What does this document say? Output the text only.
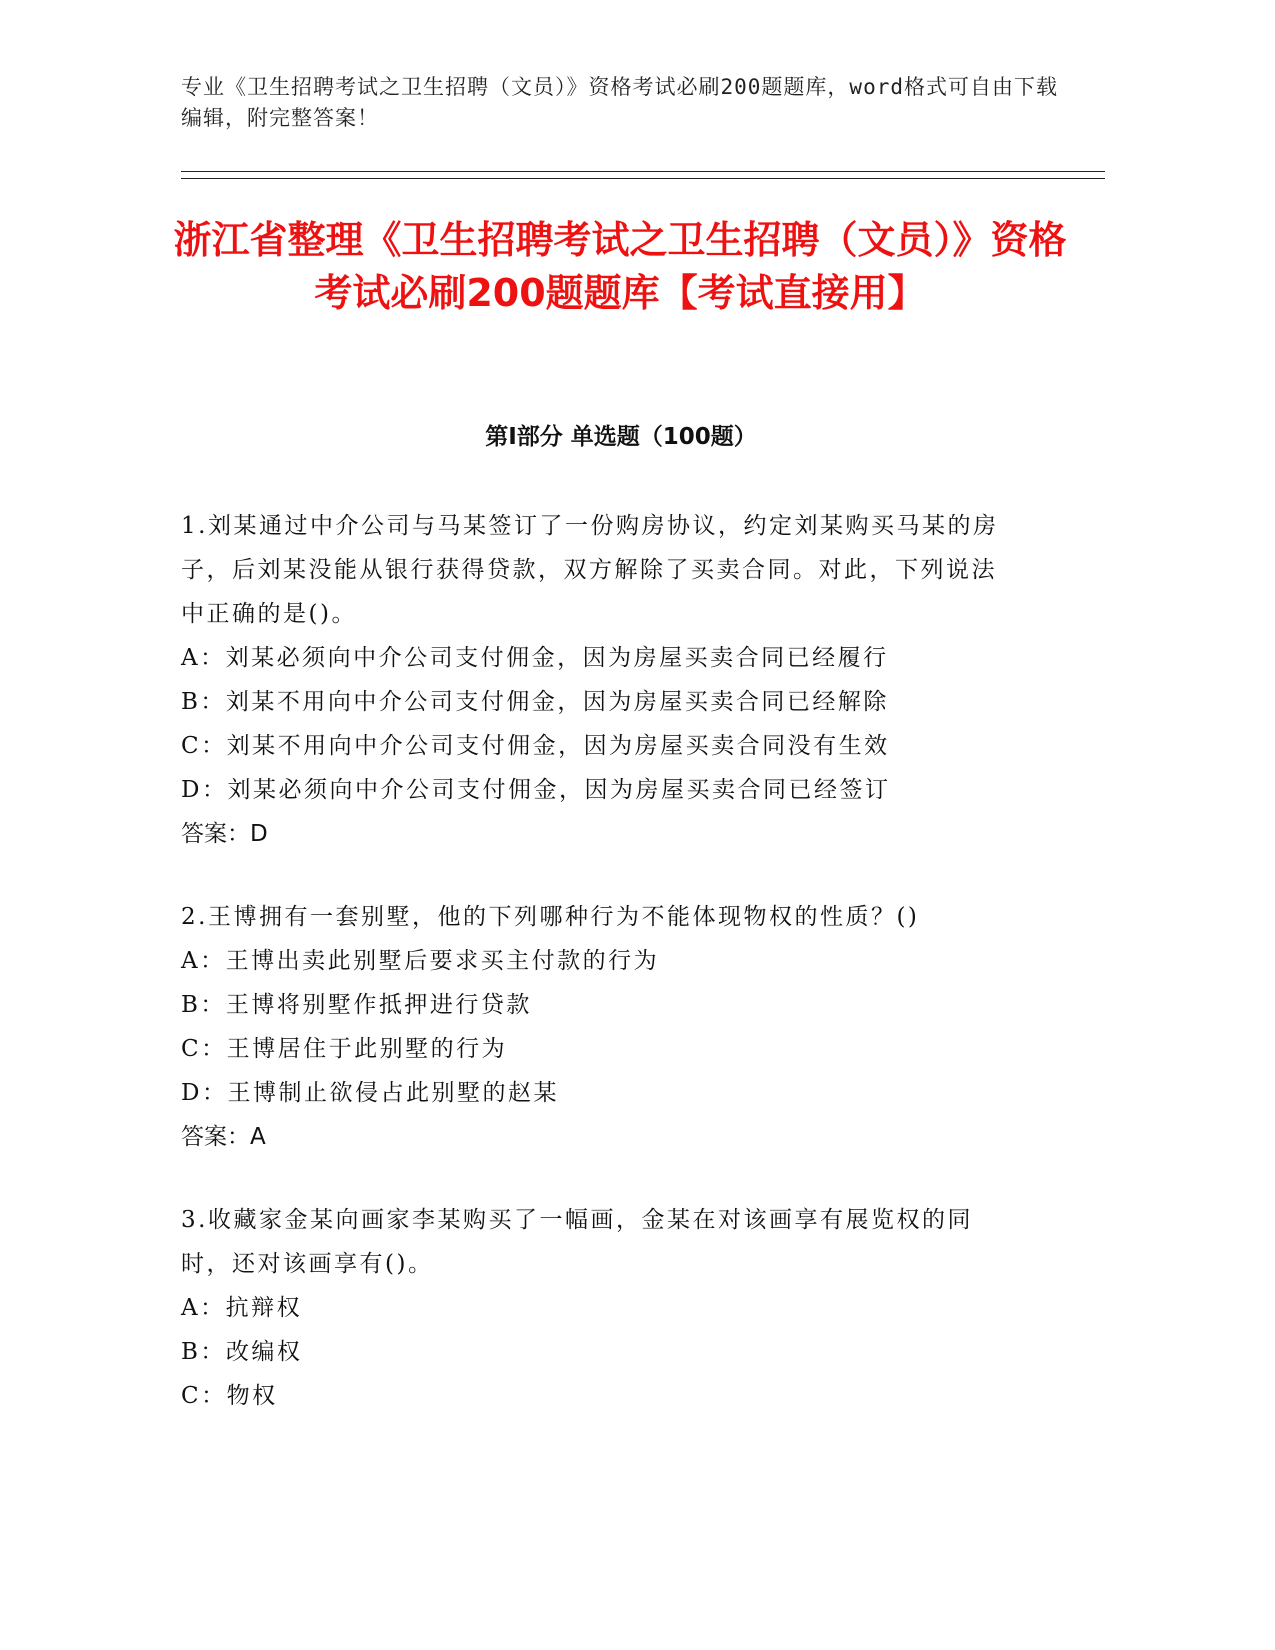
专业《卫生招聘考试之卫生招聘（文员）》资格考试必刷200题题库，word格式可自由下载编辑，附完整答案！

浙江省整理《卫生招聘考试之卫生招聘（文员）》资格考试必刷200题题库【考试直接用】
第I部分 单选题（100题）

1.刘某通过中介公司与马某签订了一份购房协议，约定刘某购买马某的房子，后刘某没能从银行获得贷款，双方解除了买卖合同。对此，下列说法中正确的是()。

A：刘某必须向中介公司支付佣金，因为房屋买卖合同已经履行

B：刘某不用向中介公司支付佣金，因为房屋买卖合同已经解除

C：刘某不用向中介公司支付佣金，因为房屋买卖合同没有生效

D：刘某必须向中介公司支付佣金，因为房屋买卖合同已经签订

答案：D

2.王博拥有一套别墅，他的下列哪种行为不能体现物权的性质？()

A：王博出卖此别墅后要求买主付款的行为

B：王博将别墅作抵押进行贷款

C：王博居住于此别墅的行为

D：王博制止欲侵占此别墅的赵某

答案：A

3.收藏家金某向画家李某购买了一幅画，金某在对该画享有展览权的同时，还对该画享有()。

A：抗辩权

B：改编权

C：物权
